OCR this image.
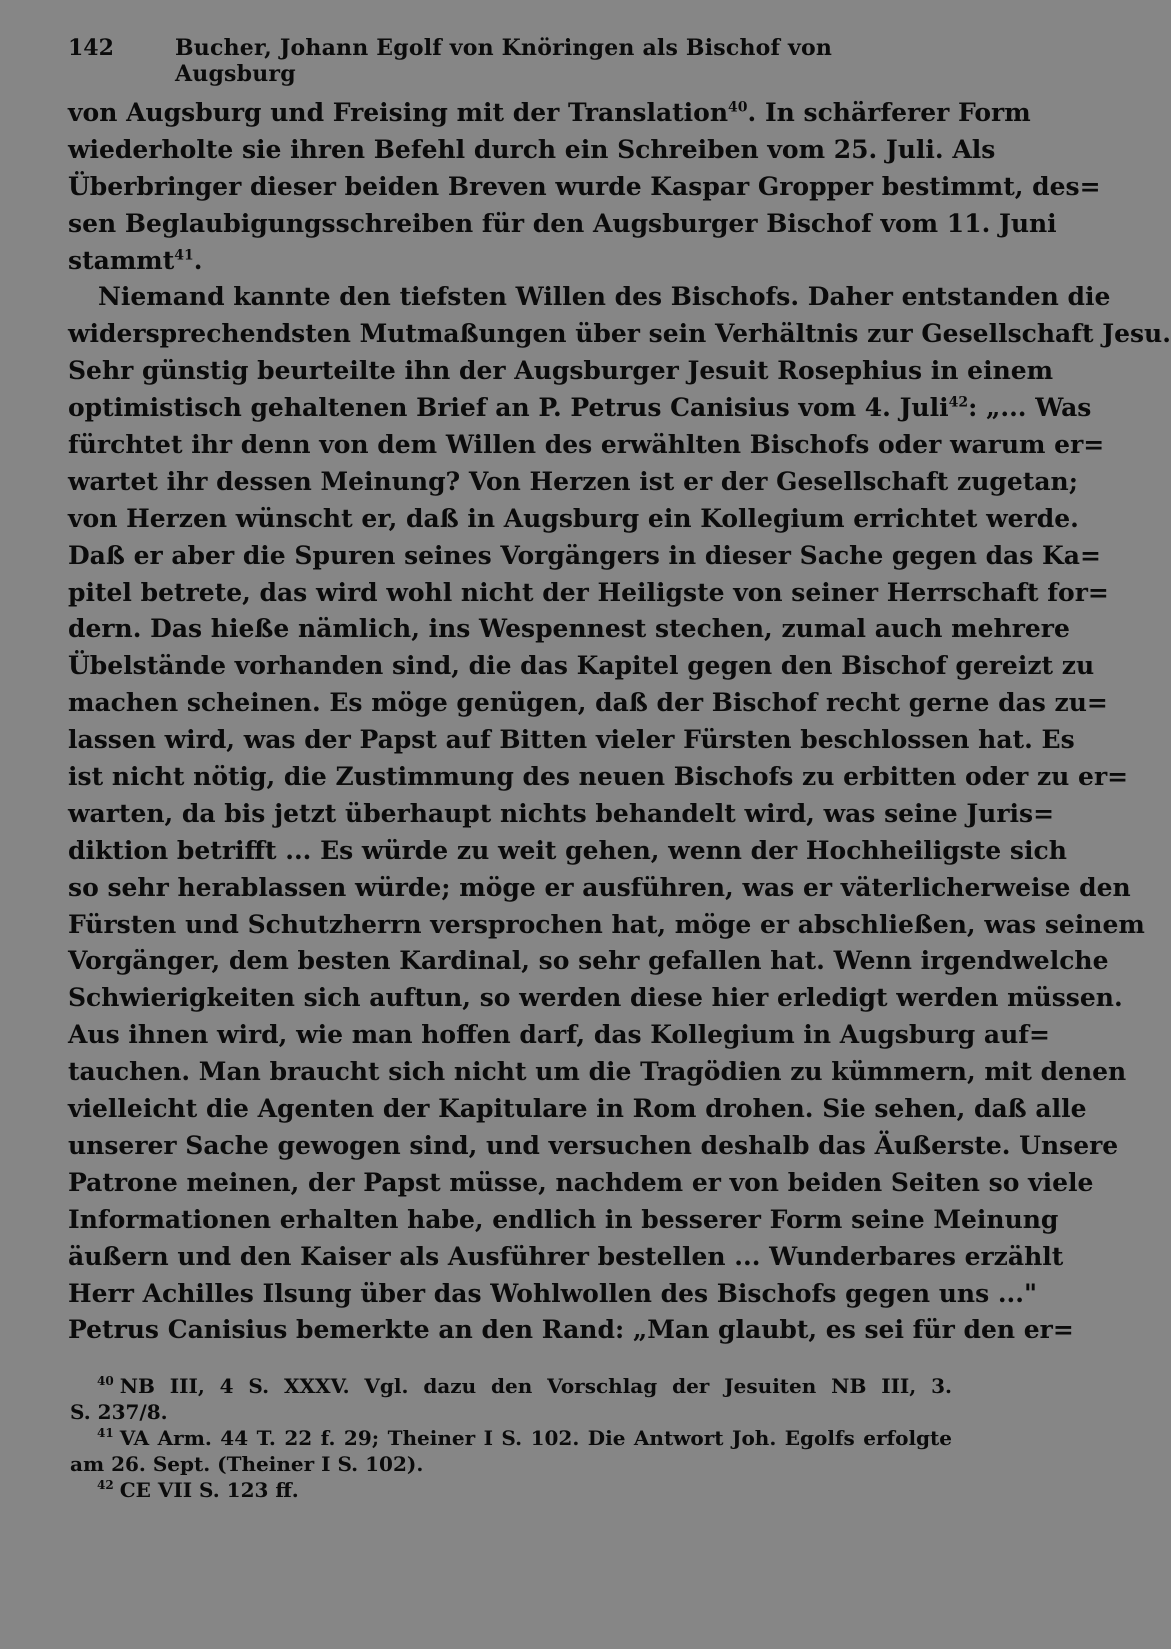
142	Bucher, Johann Egolf von Knöringen als Bischof von Augsburg
von Augsburg und Freising mit der Translation$^{40}$. In schärferer Form
wiederholte sie ihren Befehl durch ein Schreiben vom 25. Juli. Als
Überbringer dieser beiden Breven wurde Kaspar Gropper bestimmt, des=
sen Beglaubigungsschreiben für den Augsburger Bischof vom 11. Juni
stammt$^{41}$.
Niemand kannte den tiefsten Willen des Bischofs. Daher entstanden die
widersprechendsten Mutmaßungen über sein Verhältnis zur Gesellschaft Jesu.
Sehr günstig beurteilte ihn der Augsburger Jesuit Rosephius in einem
optimistisch gehaltenen Brief an P. Petrus Canisius vom 4. Juli$^{42}$: „... Was
fürchtet ihr denn von dem Willen des erwählten Bischofs oder warum er=
wartet ihr dessen Meinung? Von Herzen ist er der Gesellschaft zugetan;
von Herzen wünscht er, daß in Augsburg ein Kollegium errichtet werde.
Daß er aber die Spuren seines Vorgängers in dieser Sache gegen das Ka=
pitel betrete, das wird wohl nicht der Heiligste von seiner Herrschaft for=
dern. Das hieße nämlich, ins Wespennest stechen, zumal auch mehrere
Übelstände vorhanden sind, die das Kapitel gegen den Bischof gereizt zu
machen scheinen. Es möge genügen, daß der Bischof recht gerne das zu=
lassen wird, was der Papst auf Bitten vieler Fürsten beschlossen hat. Es
ist nicht nötig, die Zustimmung des neuen Bischofs zu erbitten oder zu er=
warten, da bis jetzt überhaupt nichts behandelt wird, was seine Juris=
diktion betrifft ... Es würde zu weit gehen, wenn der Hochheiligste sich
so sehr herablassen würde; möge er ausführen, was er väterlicherweise den
Fürsten und Schutzherrn versprochen hat, möge er abschließen, was seinem
Vorgänger, dem besten Kardinal, so sehr gefallen hat. Wenn irgendwelche
Schwierigkeiten sich auftun, so werden diese hier erledigt werden müssen.
Aus ihnen wird, wie man hoffen darf, das Kollegium in Augsburg auf=
tauchen. Man braucht sich nicht um die Tragödien zu kümmern, mit denen
vielleicht die Agenten der Kapitulare in Rom drohen. Sie sehen, daß alle
unserer Sache gewogen sind, und versuchen deshalb das Äußerste. Unsere
Patrone meinen, der Papst müsse, nachdem er von beiden Seiten so viele
Informationen erhalten habe, endlich in besserer Form seine Meinung
äußern und den Kaiser als Ausführer bestellen ... Wunderbares erzählt
Herr Achilles Ilsung über das Wohlwollen des Bischofs gegen uns ..."
Petrus Canisius bemerkte an den Rand: „Man glaubt, es sei für den er=
$^{40}$ NB III, 4 S. XXXV. Vgl. dazu den Vorschlag der Jesuiten NB III, 3.
S. 237/8.
$^{41}$ VA Arm. 44 T. 22 f. 29; Theiner I S. 102. Die Antwort Joh. Egolfs erfolgte
am 26. Sept. (Theiner I S. 102).
$^{42}$ CE VII S. 123 ff.
